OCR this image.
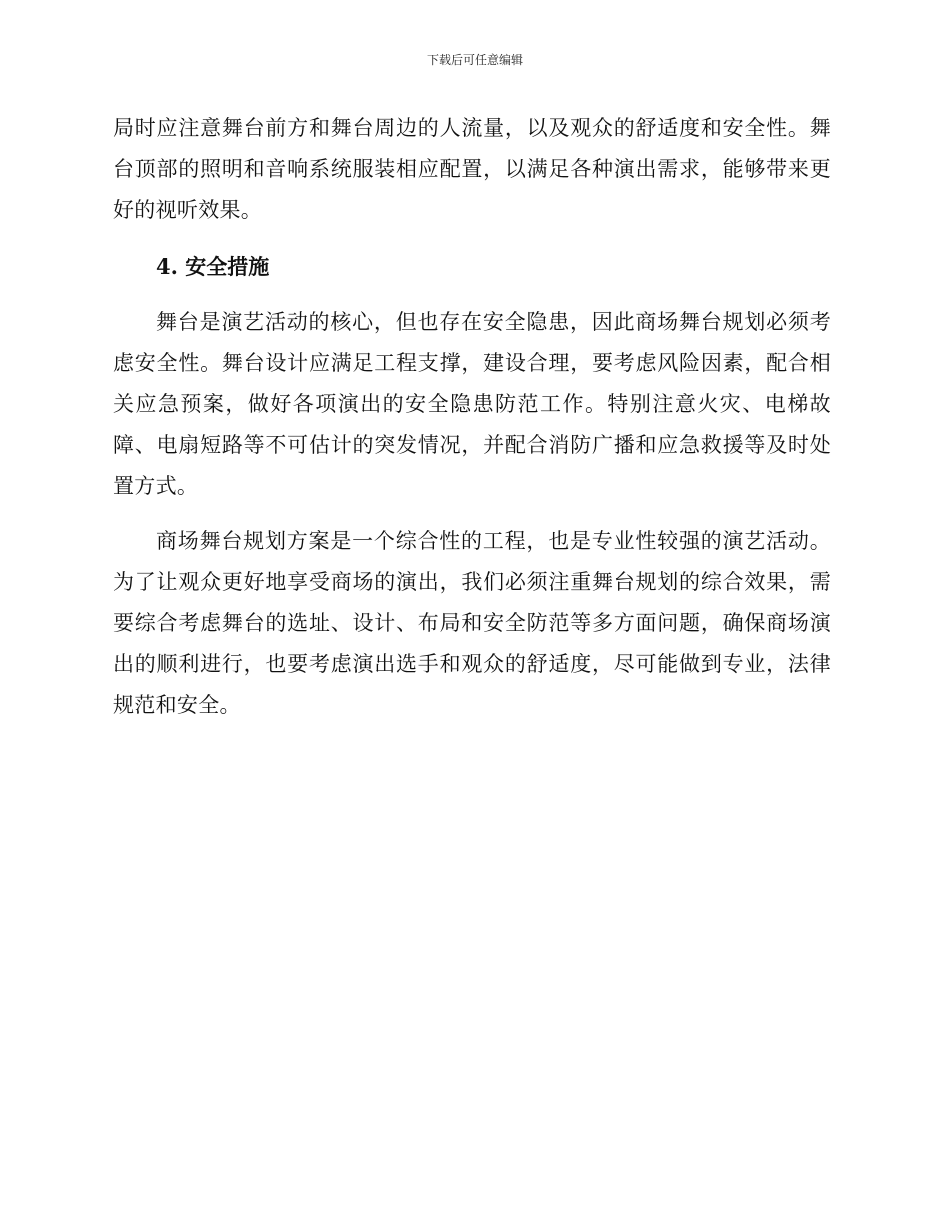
下载后可任意编辑

局时应注意舞台前方和舞台周边的人流量，以及观众的舒适度和安全性。舞台顶部的照明和音响系统服装相应配置，以满足各种演出需求，能够带来更好的视听效果。

4. 安全措施

舞台是演艺活动的核心，但也存在安全隐患，因此商场舞台规划必须考虑安全性。舞台设计应满足工程支撑，建设合理，要考虑风险因素，配合相关应急预案，做好各项演出的安全隐患防范工作。特别注意火灾、电梯故障、电扇短路等不可估计的突发情况，并配合消防广播和应急救援等及时处置方式。

商场舞台规划方案是一个综合性的工程，也是专业性较强的演艺活动。为了让观众更好地享受商场的演出，我们必须注重舞台规划的综合效果，需要综合考虑舞台的选址、设计、布局和安全防范等多方面问题，确保商场演出的顺利进行，也要考虑演出选手和观众的舒适度，尽可能做到专业，法律规范和安全。
